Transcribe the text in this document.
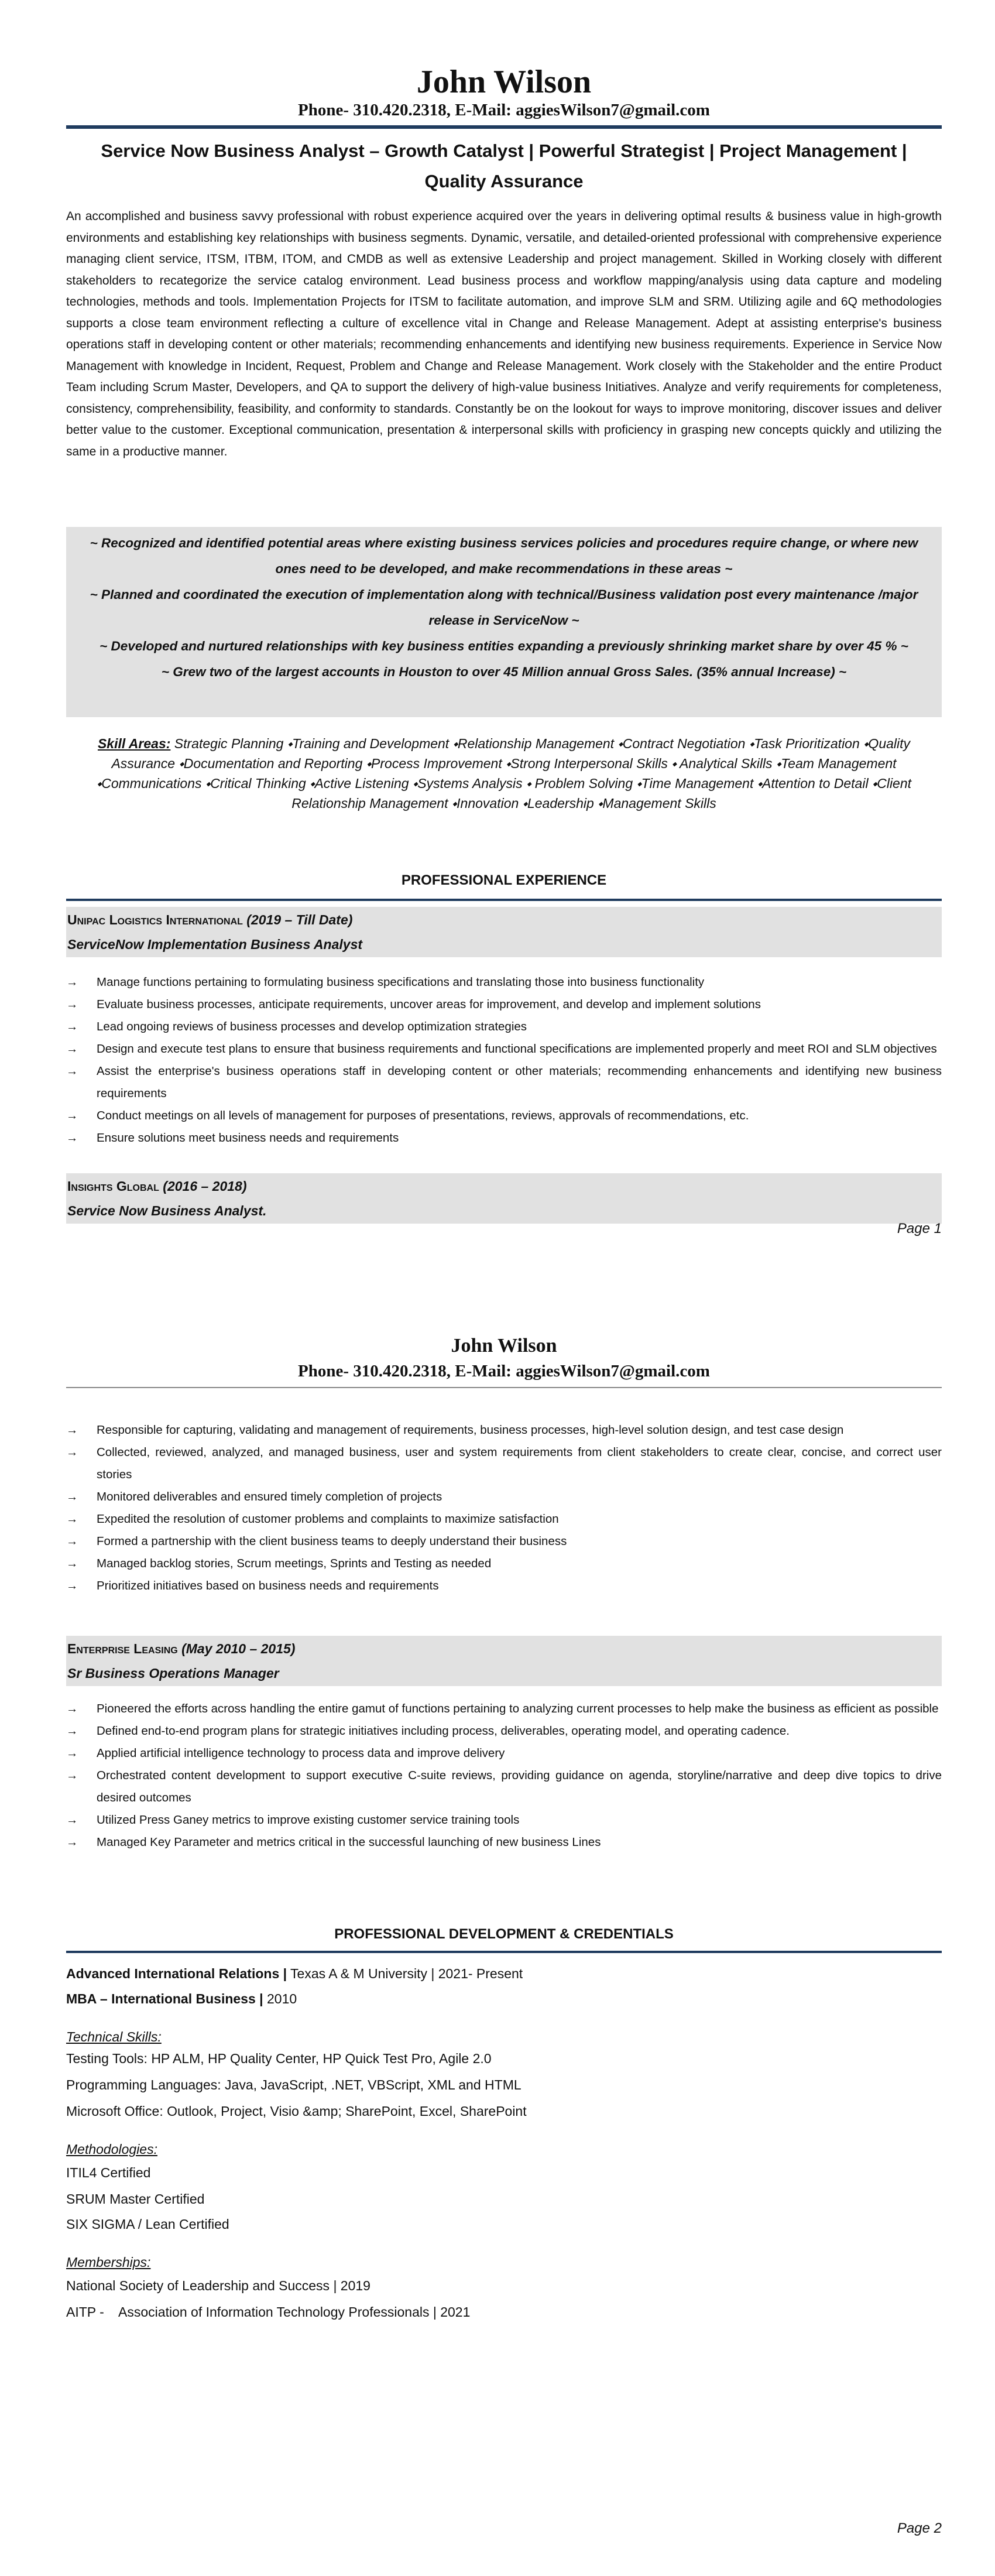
John Wilson
Phone- 310.420.2318, E-Mail: aggiesWilson7@gmail.com
Service Now Business Analyst – Growth Catalyst | Powerful Strategist | Project Management | Quality Assurance
An accomplished and business savvy professional with robust experience acquired over the years in delivering optimal results & business value in high-growth environments and establishing key relationships with business segments. Dynamic, versatile, and detailed-oriented professional with comprehensive experience managing client service, ITSM, ITBM, ITOM, and CMDB as well as extensive Leadership and project management. Skilled in Working closely with different stakeholders to recategorize the service catalog environment. Lead business process and workflow mapping/analysis using data capture and modeling technologies, methods and tools. Implementation Projects for ITSM to facilitate automation, and improve SLM and SRM. Utilizing agile and 6Q methodologies supports a close team environment reflecting a culture of excellence vital in Change and Release Management. Adept at assisting enterprise's business operations staff in developing content or other materials; recommending enhancements and identifying new business requirements. Experience in Service Now Management with knowledge in Incident, Request, Problem and Change and Release Management. Work closely with the Stakeholder and the entire Product Team including Scrum Master, Developers, and QA to support the delivery of high-value business Initiatives. Analyze and verify requirements for completeness, consistency, comprehensibility, feasibility, and conformity to standards. Constantly be on the lookout for ways to improve monitoring, discover issues and deliver better value to the customer. Exceptional communication, presentation & interpersonal skills with proficiency in grasping new concepts quickly and utilizing the same in a productive manner.
~ Recognized and identified potential areas where existing business services policies and procedures require change, or where new ones need to be developed, and make recommendations in these areas ~
~ Planned and coordinated the execution of implementation along with technical/Business validation post every maintenance /major release in ServiceNow ~
~ Developed and nurtured relationships with key business entities expanding a previously shrinking market share by over 45 % ~
~ Grew two of the largest accounts in Houston to over 45 Million annual Gross Sales. (35% annual Increase) ~
Skill Areas: Strategic Planning ⬩Training and Development ⬩Relationship Management ⬩Contract Negotiation ⬩Task Prioritization ⬩Quality Assurance ⬩Documentation and Reporting ⬩Process Improvement ⬩Strong Interpersonal Skills ⬩ Analytical Skills ⬩Team Management ⬩Communications ⬩Critical Thinking ⬩Active Listening ⬩Systems Analysis ⬩ Problem Solving ⬩Time Management ⬩Attention to Detail ⬩Client Relationship Management ⬩Innovation ⬩Leadership ⬩Management Skills
PROFESSIONAL EXPERIENCE
Unipac Logistics International (2019 – Till Date)
ServiceNow Implementation Business Analyst
→ Manage functions pertaining to formulating business specifications and translating those into business functionality
→ Evaluate business processes, anticipate requirements, uncover areas for improvement, and develop and implement solutions
→ Lead ongoing reviews of business processes and develop optimization strategies
→ Design and execute test plans to ensure that business requirements and functional specifications are implemented properly and meet ROI and SLM objectives
→ Assist the enterprise's business operations staff in developing content or other materials; recommending enhancements and identifying new business requirements
→ Conduct meetings on all levels of management for purposes of presentations, reviews, approvals of recommendations, etc.
→ Ensure solutions meet business needs and requirements
Insights Global (2016 – 2018)
Service Now Business Analyst.
Page 1
John Wilson
Phone- 310.420.2318, E-Mail: aggiesWilson7@gmail.com
→ Responsible for capturing, validating and management of requirements, business processes, high-level solution design, and test case design
→ Collected, reviewed, analyzed, and managed business, user and system requirements from client stakeholders to create clear, concise, and correct user stories
→ Monitored deliverables and ensured timely completion of projects
→ Expedited the resolution of customer problems and complaints to maximize satisfaction
→ Formed a partnership with the client business teams to deeply understand their business
→ Managed backlog stories, Scrum meetings, Sprints and Testing as needed
→ Prioritized initiatives based on business needs and requirements
Enterprise Leasing (May 2010 – 2015)
Sr Business Operations Manager
→ Pioneered the efforts across handling the entire gamut of functions pertaining to analyzing current processes to help make the business as efficient as possible
→ Defined end-to-end program plans for strategic initiatives including process, deliverables, operating model, and operating cadence.
→ Applied artificial intelligence technology to process data and improve delivery
→ Orchestrated content development to support executive C-suite reviews, providing guidance on agenda, storyline/narrative and deep dive topics to drive desired outcomes
→ Utilized Press Ganey metrics to improve existing customer service training tools
→ Managed Key Parameter and metrics critical in the successful launching of new business Lines
PROFESSIONAL DEVELOPMENT & CREDENTIALS
Advanced International Relations | Texas A & M University | 2021- Present
MBA – International Business | 2010
Technical Skills:
Testing Tools: HP ALM, HP Quality Center, HP Quick Test Pro, Agile 2.0
Programming Languages: Java, JavaScript, .NET, VBScript, XML and HTML
Microsoft Office: Outlook, Project, Visio &amp; SharePoint, Excel, SharePoint
Methodologies:
ITIL4 Certified
SRUM Master Certified
SIX SIGMA / Lean Certified
Memberships:
National Society of Leadership and Success | 2019
AITP -    Association of Information Technology Professionals | 2021
Page 2
